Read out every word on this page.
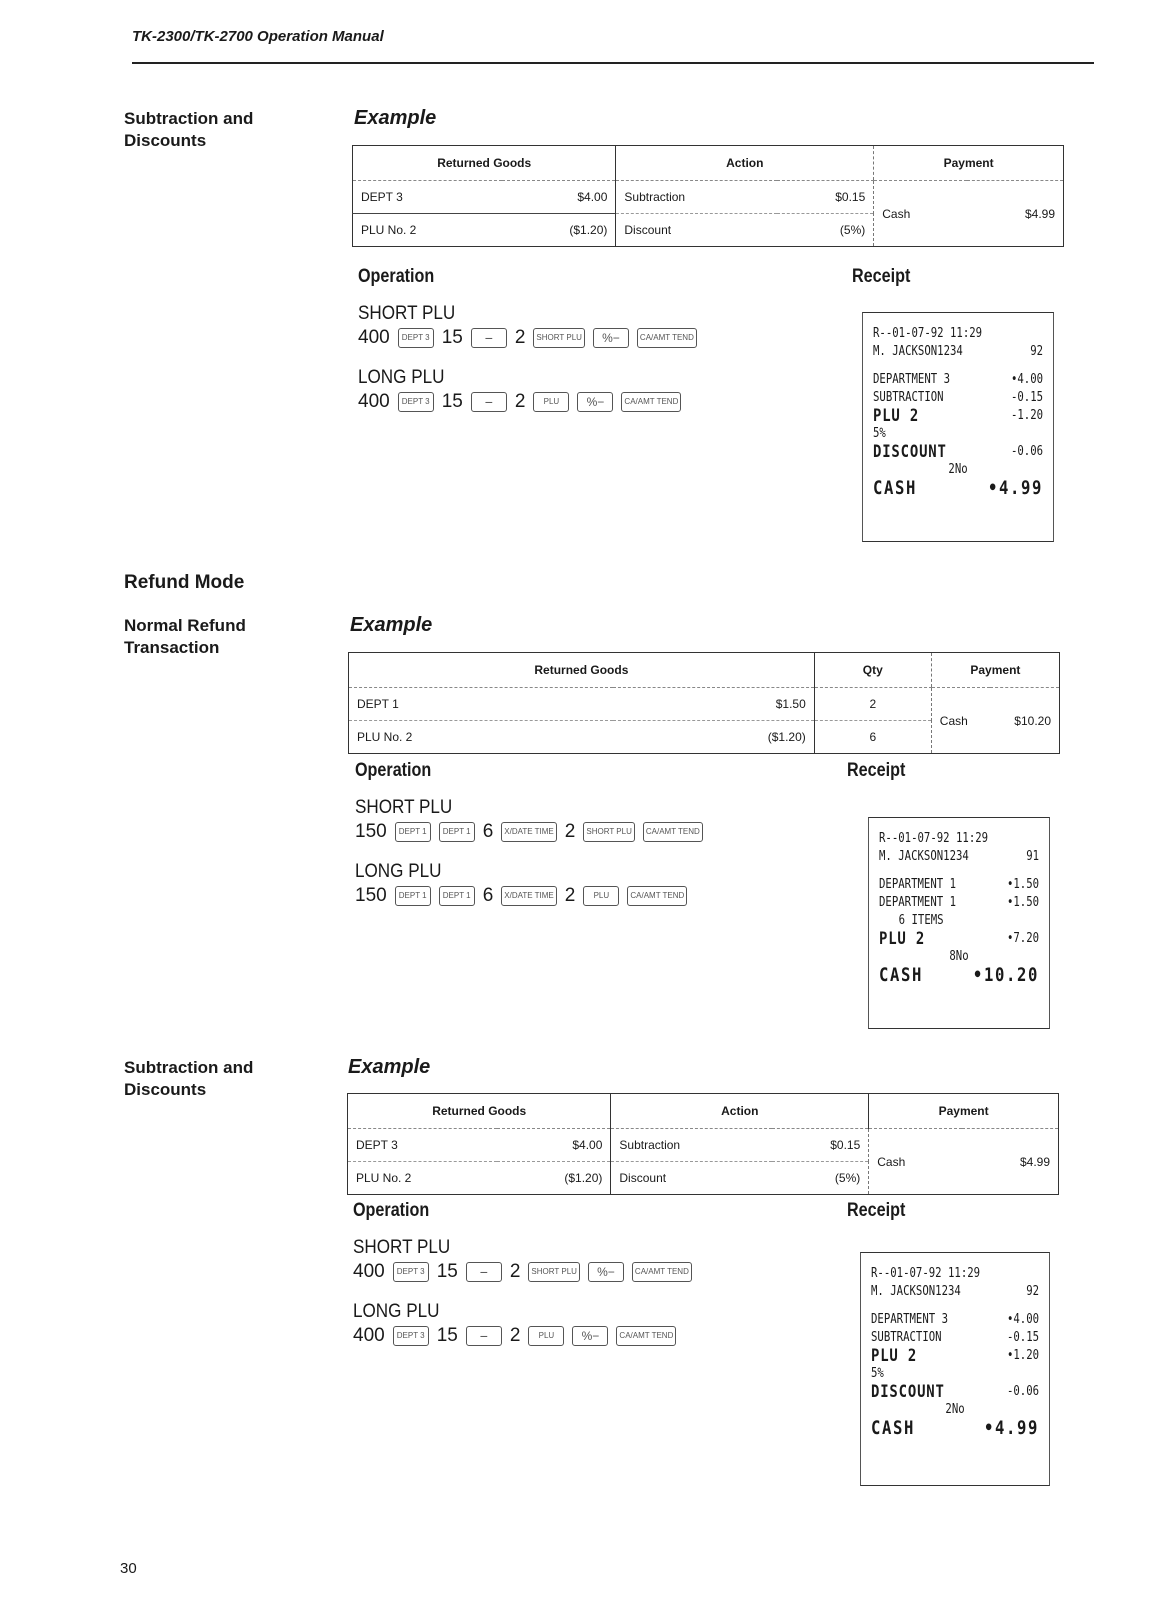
TK-2300/TK-2700 Operation Manual
Subtraction and
Discounts
Example
Returned Goods		Action		Payment	
DEPT 3	$4.00	Subtraction	$0.15	Cash	$4.99
PLU No. 2	($1.20)	Discount	(5%)		
Operation	Receipt
SHORT PLU
400	DEPT 3 15	−	2	SHORT PLU	%−	CA/AMT TEND
LONG PLU
400	DEPT 3 15	−	2	PLU	%−	CA/AMT TEND
R--01-07-92 11:29
M. JACKSON1234	92
DEPARTMENT 3	•4.00
SUBTRACTION	-0.15
PLU 2	-1.20
5%
DISCOUNT	-0.06
2No
CASH	•4.99
Refund Mode
Normal Refund
Transaction
Example
Returned Goods		Qty	Payment	
DEPT 1	$1.50	2	Cash	$10.20
PLU No. 2	($1.20)	6		
Operation	Receipt
SHORT PLU
150	DEPT 1	DEPT 1 6	X/DATE TIME 2	SHORT PLU	CA/AMT TEND
LONG PLU
150	DEPT 1	DEPT 1 6	X/DATE TIME 2	PLU	CA/AMT TEND
R--01-07-92 11:29
M. JACKSON1234	91
DEPARTMENT 1	•1.50
DEPARTMENT 1	•1.50
6 ITEMS
PLU 2	•7.20
8No
CASH	•10.20
Subtraction and
Discounts
Example
Returned Goods		Action		Payment	
DEPT 3	$4.00	Subtraction	$0.15	Cash	$4.99
PLU No. 2	($1.20)	Discount	(5%)		
Operation	Receipt
SHORT PLU
400	DEPT 3 15	−	2	SHORT PLU	%−	CA/AMT TEND
LONG PLU
400	DEPT 3 15	−	2	PLU	%−	CA/AMT TEND
R--01-07-92 11:29
M. JACKSON1234	92
DEPARTMENT 3	•4.00
SUBTRACTION	-0.15
PLU 2	•1.20
5%
DISCOUNT	-0.06
2No
CASH	•4.99
30
